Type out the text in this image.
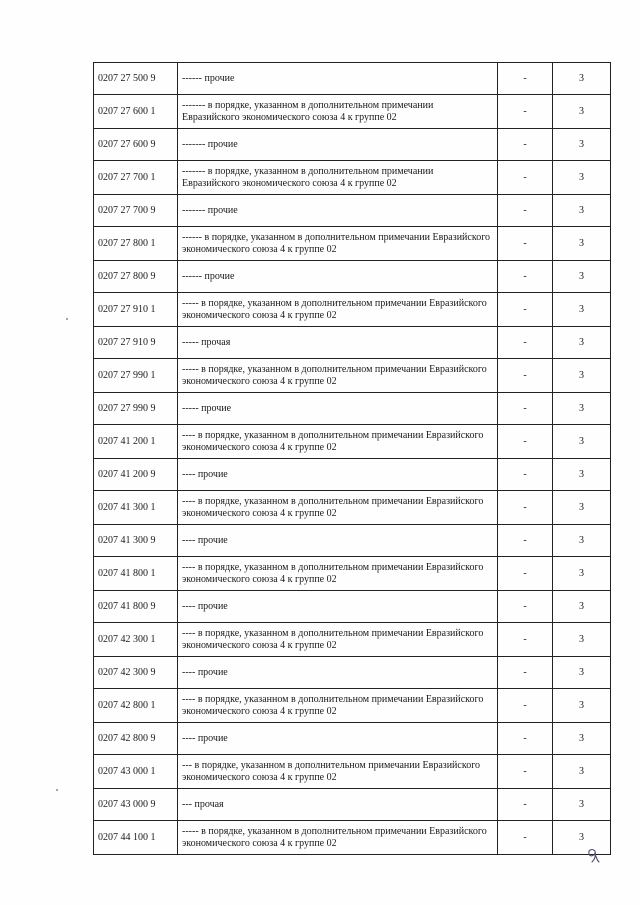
0207 27 500 9	------ прочие	-	3
0207 27 600 1	------- в порядке, указанном в дополнительном примечании Евразийского экономического союза 4 к группе 02	-	3
0207 27 600 9	------- прочие	-	3
0207 27 700 1	------- в порядке, указанном в дополнительном примечании Евразийского экономического союза 4 к группе 02	-	3
0207 27 700 9	------- прочие	-	3
0207 27 800 1	------ в порядке, указанном в дополнительном примечании Евразийского экономического союза 4 к группе 02	-	3
0207 27 800 9	------ прочие	-	3
0207 27 910 1	----- в порядке, указанном в дополнительном примечании Евразийского экономического союза 4 к группе 02	-	3
0207 27 910 9	----- прочая	-	3
0207 27 990 1	----- в порядке, указанном в дополнительном примечании Евразийского экономического союза 4 к группе 02	-	3
0207 27 990 9	----- прочие	-	3
0207 41 200 1	---- в порядке, указанном в дополнительном примечании Евразийского экономического союза 4 к группе 02	-	3
0207 41 200 9	---- прочие	-	3
0207 41 300 1	---- в порядке, указанном в дополнительном примечании Евразийского экономического союза 4 к группе 02	-	3
0207 41 300 9	---- прочие	-	3
0207 41 800 1	---- в порядке, указанном в дополнительном примечании Евразийского экономического союза 4 к группе 02	-	3
0207 41 800 9	---- прочие	-	3
0207 42 300 1	---- в порядке, указанном в дополнительном примечании Евразийского экономического союза 4 к группе 02	-	3
0207 42 300 9	---- прочие	-	3
0207 42 800 1	---- в порядке, указанном в дополнительном примечании Евразийского экономического союза 4 к группе 02	-	3
0207 42 800 9	---- прочие	-	3
0207 43 000 1	--- в порядке, указанном в дополнительном примечании Евразийского экономического союза 4 к группе 02	-	3
0207 43 000 9	--- прочая	-	3
0207 44 100 1	----- в порядке, указанном в дополнительном примечании Евразийского экономического союза 4 к группе 02	-	3
